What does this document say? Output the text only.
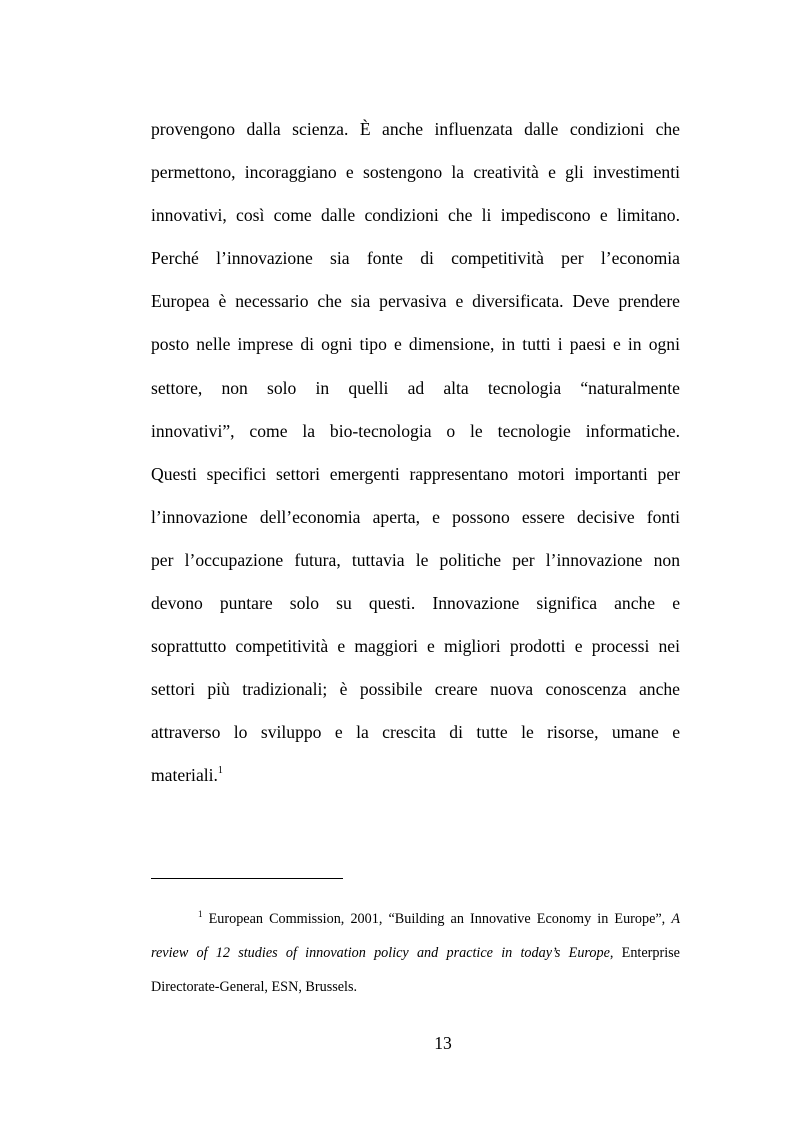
provengono dalla scienza. È anche influenzata dalle condizioni che
permettono, incoraggiano e sostengono la creatività e gli investimenti
innovativi, così come dalle condizioni che li impediscono e limitano.
Perché l’innovazione sia fonte di competitività per l’economia
Europea è necessario che sia pervasiva e diversificata. Deve prendere
posto nelle imprese di ogni tipo e dimensione, in tutti i paesi e in ogni
settore, non solo in quelli ad alta tecnologia “naturalmente
innovativi”, come la bio-tecnologia o le tecnologie informatiche.
Questi specifici settori emergenti rappresentano motori importanti per
l’innovazione dell’economia aperta, e possono essere decisive fonti
per l’occupazione futura, tuttavia le politiche per l’innovazione non
devono puntare solo su questi. Innovazione significa anche e
soprattutto competitività e maggiori e migliori prodotti e processi nei
settori più tradizionali; è possibile creare nuova conoscenza anche
attraverso lo sviluppo e la crescita di tutte le risorse, umane e
materiali.$^1$
$^1$ European Commission, 2001, “Building an Innovative Economy in Europe”, A
review of 12 studies of innovation policy and practice in today’s Europe, Enterprise
Directorate-General, ESN, Brussels.
13
